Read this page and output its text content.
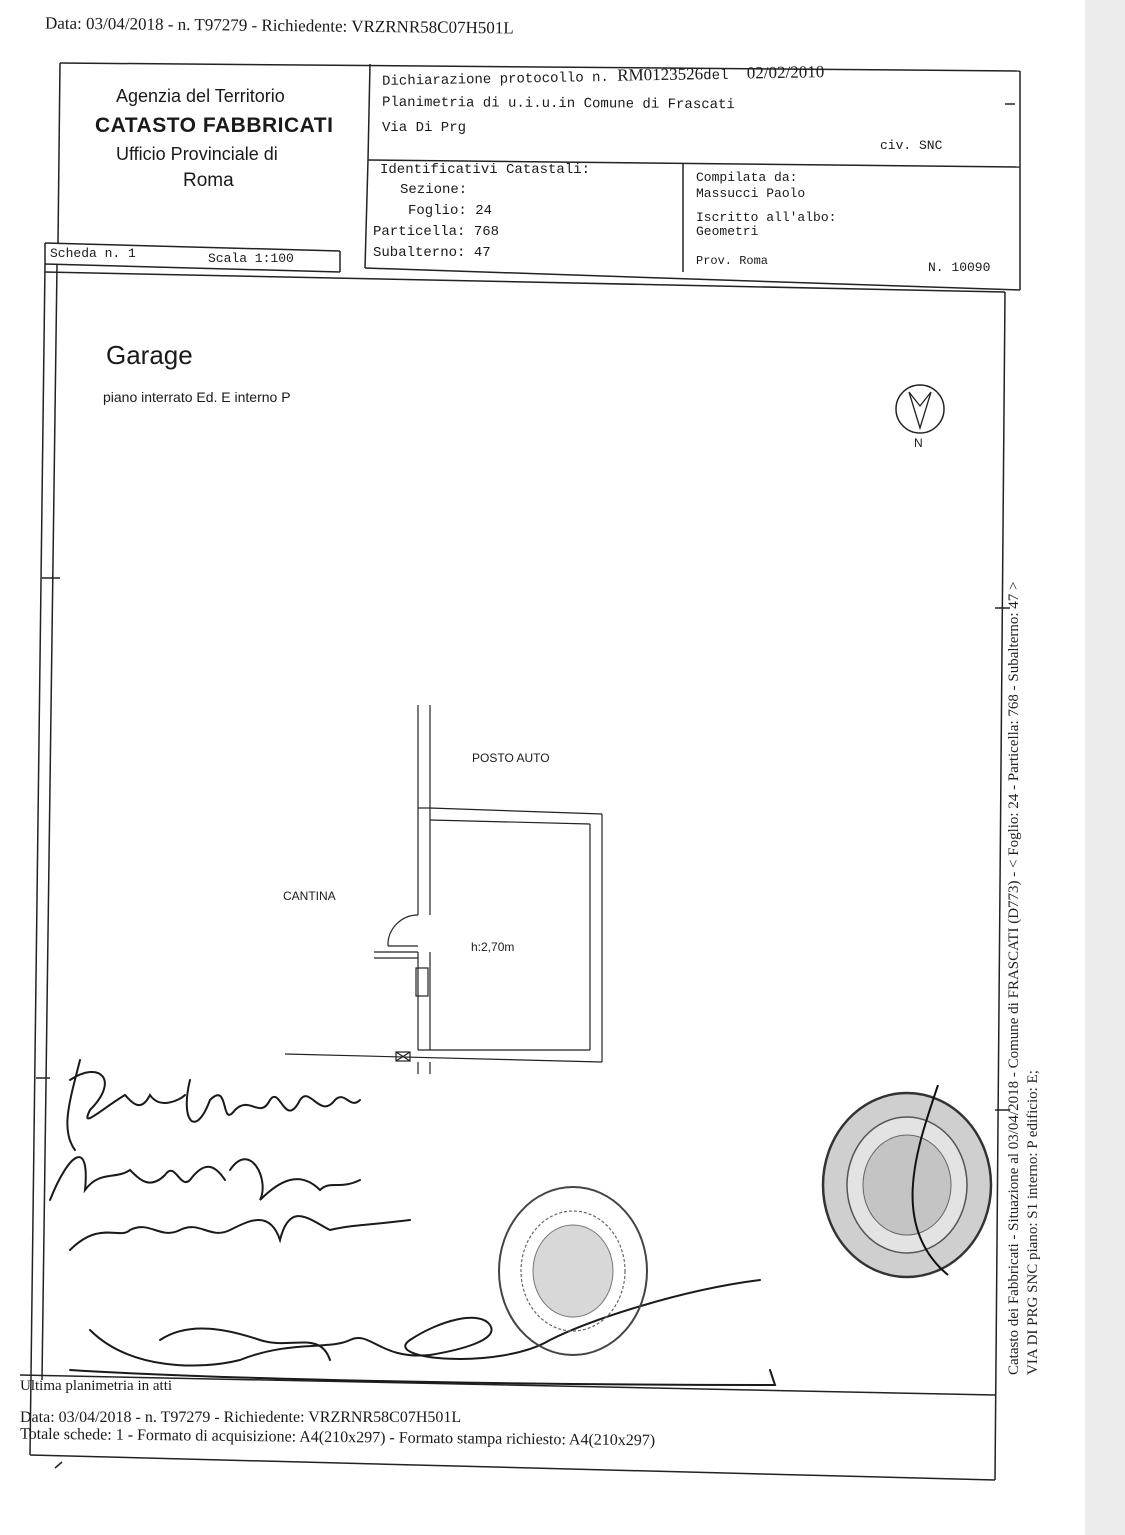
Data: 03/04/2018 - n. T97279 - Richiedente: VRZRNR58C07H501L
Agenzia del Territorio
CATASTO FABBRICATI
Ufficio Provinciale di
Roma
Dichiarazione protocollo n. RM0123526del 02/02/2010
Planimetria di u.i.u.in Comune di Frascati
Via Di Prg
civ. SNC
Identificativi Catastali:
Sezione:
Foglio: 24
Particella: 768
Subalterno: 47
Compilata da:
Massucci Paolo
Iscritto all'albo:
Geometri
Prov. Roma	N. 10090
Scheda n. 1	Scala 1:100
Garage
piano interrato Ed. E interno P
N
POSTO AUTO
CANTINA
h:2,70m	Catasto dei Fabbricati - Situazione al 03/04/2018 - Comune di FRASCATI (D773) - < Foglio: 24 - Particella: 768 - Subalterno: 47 > VIA DI PRG SNC piano: S1 interno: P edificio: E;
Ultima planimetria in atti
Data: 03/04/2018 - n. T97279 - Richiedente: VRZRNR58C07H501L
Totale schede: 1 - Formato di acquisizione: A4(210x297) - Formato stampa richiesto: A4(210x297)
